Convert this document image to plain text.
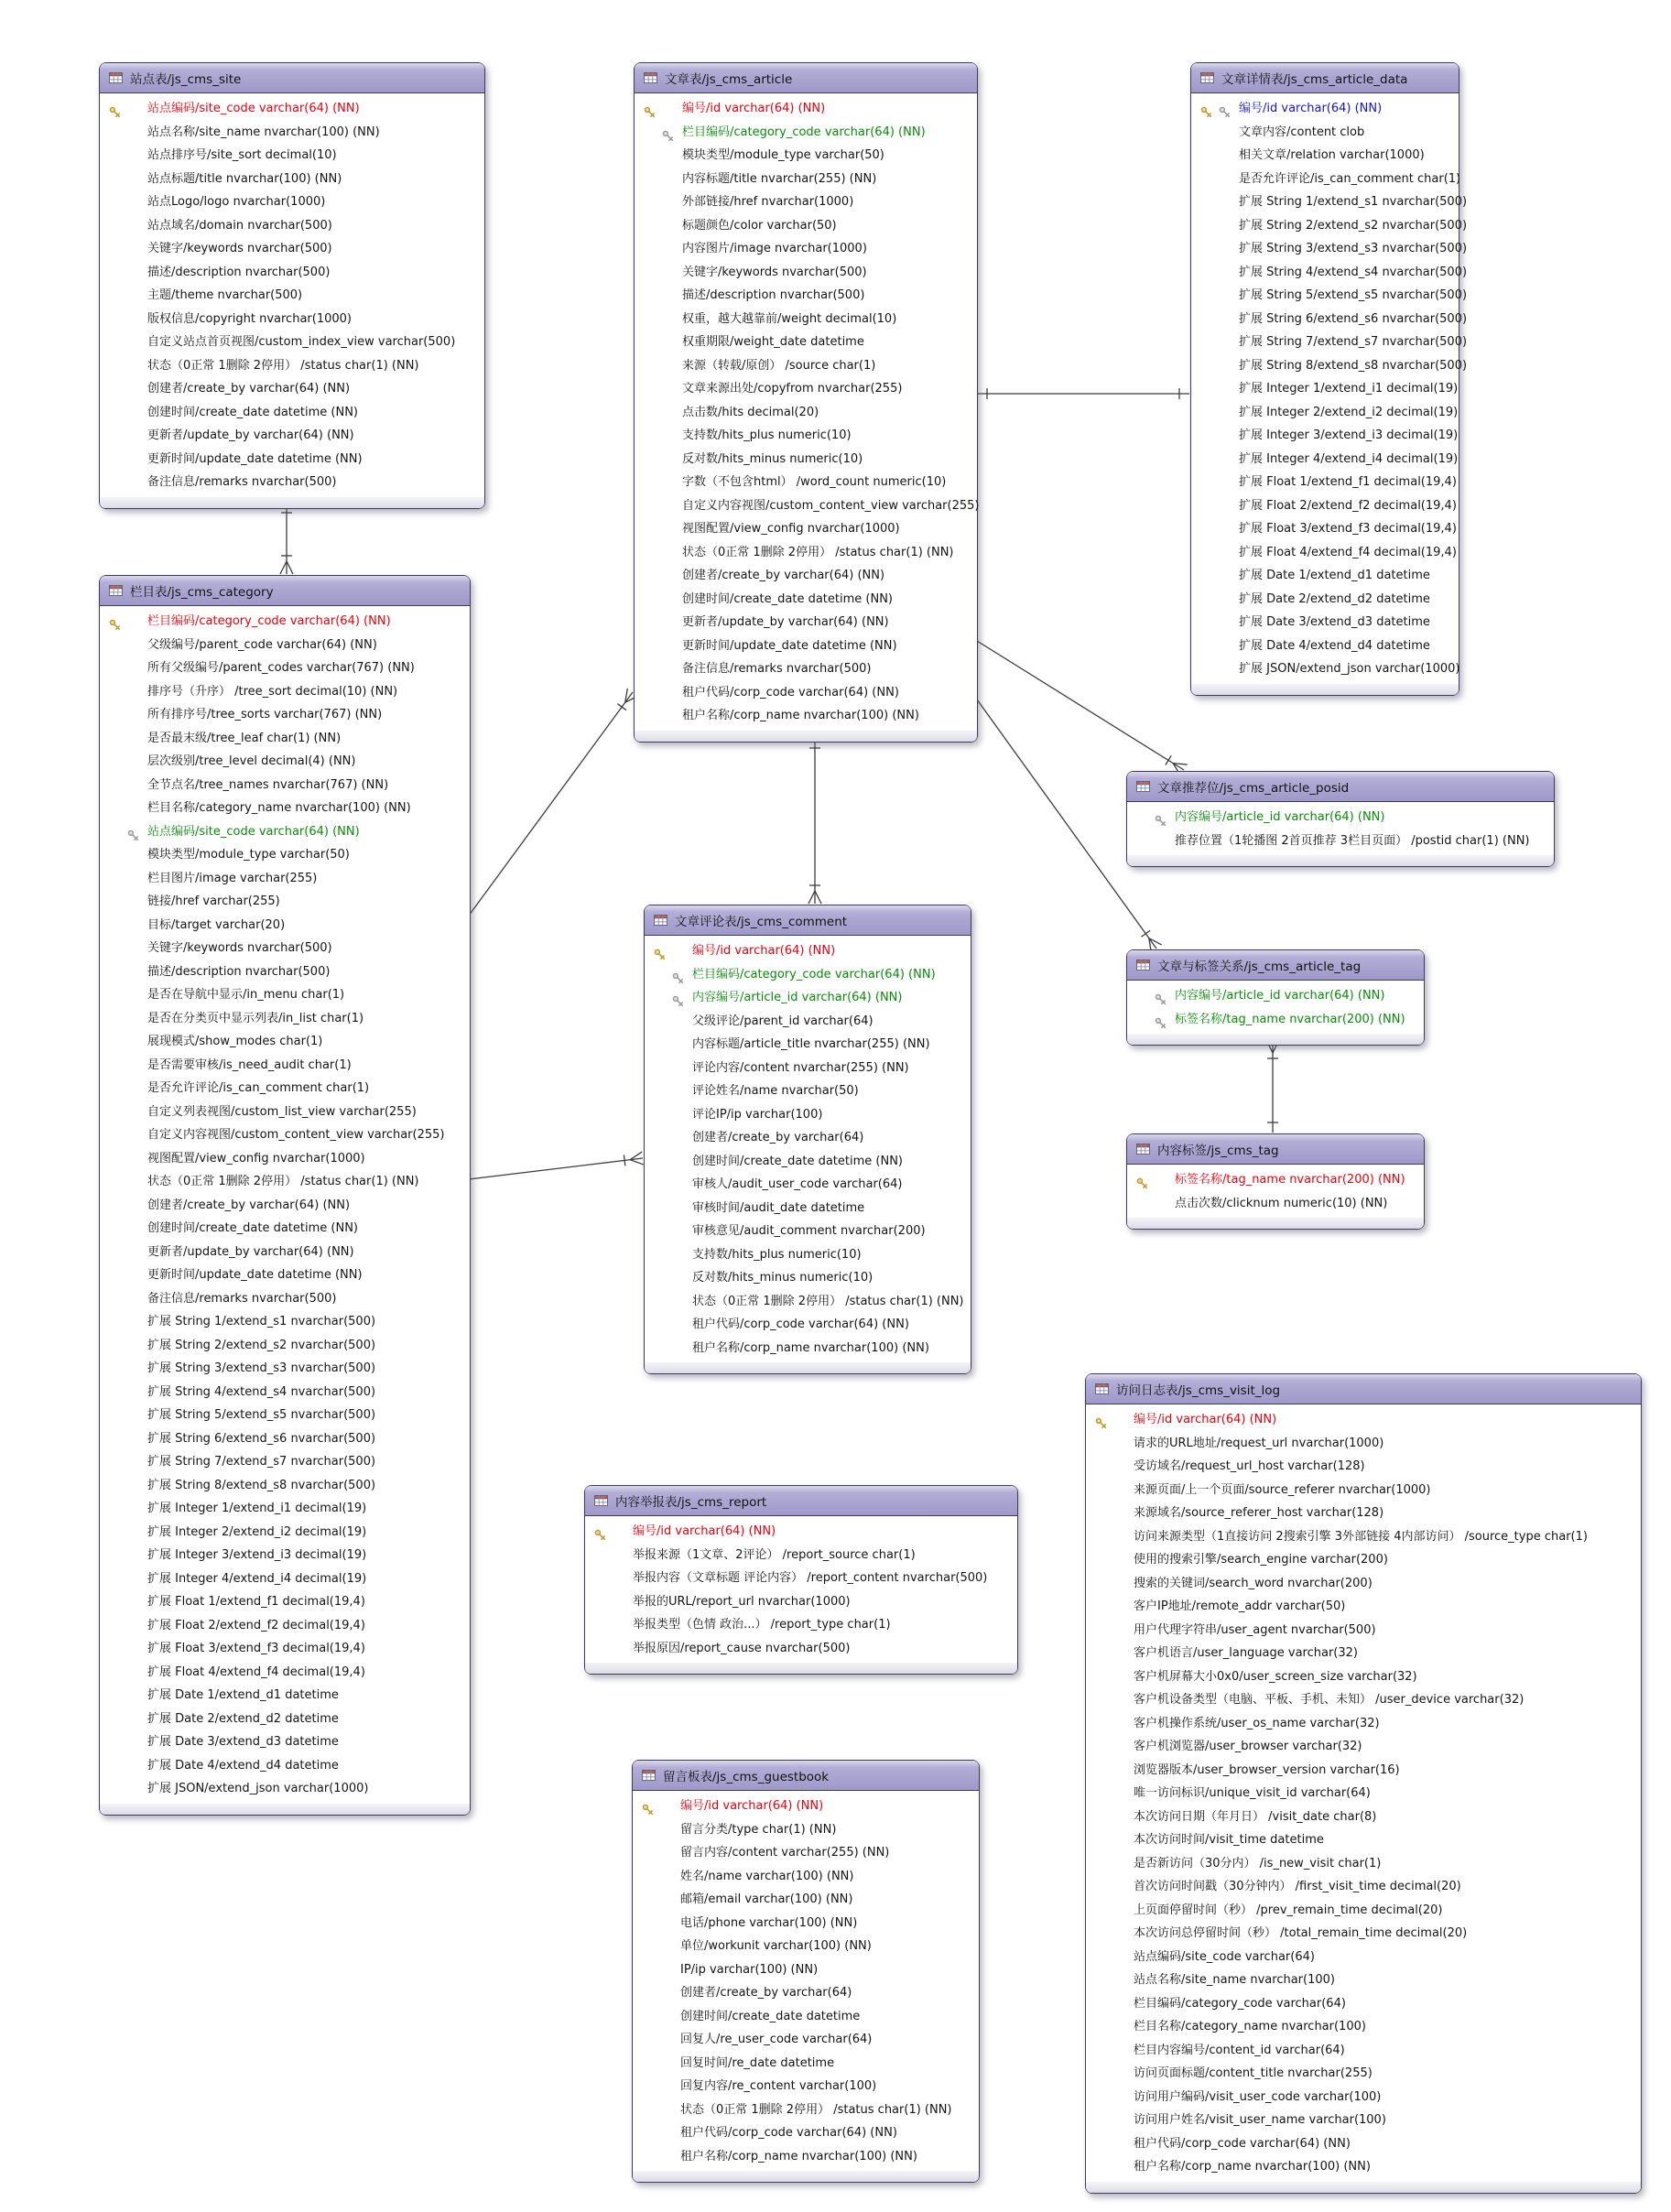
站点表/js_cms_site
站点编码/site_code varchar(64) (NN)
站点名称/site_name nvarchar(100) (NN)
站点排序号/site_sort decimal(10)
站点标题/title nvarchar(100) (NN)
站点Logo/logo nvarchar(1000)
站点域名/domain nvarchar(500)
关键字/keywords nvarchar(500)
描述/description nvarchar(500)
主题/theme nvarchar(500)
版权信息/copyright nvarchar(1000)
自定义站点首页视图/custom_index_view varchar(500)
状态（0正常 1删除 2停用） /status char(1) (NN)
创建者/create_by varchar(64) (NN)
创建时间/create_date datetime (NN)
更新者/update_by varchar(64) (NN)
更新时间/update_date datetime (NN)
备注信息/remarks nvarchar(500)
文章表/js_cms_article
编号/id varchar(64) (NN)
栏目编码/category_code varchar(64) (NN)
模块类型/module_type varchar(50)
内容标题/title nvarchar(255) (NN)
外部链接/href nvarchar(1000)
标题颜色/color varchar(50)
内容图片/image nvarchar(1000)
关键字/keywords nvarchar(500)
描述/description nvarchar(500)
权重，越大越靠前/weight decimal(10)
权重期限/weight_date datetime
来源（转载/原创） /source char(1)
文章来源出处/copyfrom nvarchar(255)
点击数/hits decimal(20)
支持数/hits_plus numeric(10)
反对数/hits_minus numeric(10)
字数（不包含html） /word_count numeric(10)
自定义内容视图/custom_content_view varchar(255)
视图配置/view_config nvarchar(1000)
状态（0正常 1删除 2停用） /status char(1) (NN)
创建者/create_by varchar(64) (NN)
创建时间/create_date datetime (NN)
更新者/update_by varchar(64) (NN)
更新时间/update_date datetime (NN)
备注信息/remarks nvarchar(500)
租户代码/corp_code varchar(64) (NN)
租户名称/corp_name nvarchar(100) (NN)
文章详情表/js_cms_article_data
编号/id varchar(64) (NN)
文章内容/content clob
相关文章/relation varchar(1000)
是否允许评论/is_can_comment char(1)
扩展 String 1/extend_s1 nvarchar(500)
扩展 String 2/extend_s2 nvarchar(500)
扩展 String 3/extend_s3 nvarchar(500)
扩展 String 4/extend_s4 nvarchar(500)
扩展 String 5/extend_s5 nvarchar(500)
扩展 String 6/extend_s6 nvarchar(500)
扩展 String 7/extend_s7 nvarchar(500)
扩展 String 8/extend_s8 nvarchar(500)
扩展 Integer 1/extend_i1 decimal(19)
扩展 Integer 2/extend_i2 decimal(19)
扩展 Integer 3/extend_i3 decimal(19)
扩展 Integer 4/extend_i4 decimal(19)
扩展 Float 1/extend_f1 decimal(19,4)
扩展 Float 2/extend_f2 decimal(19,4)
扩展 Float 3/extend_f3 decimal(19,4)
扩展 Float 4/extend_f4 decimal(19,4)
扩展 Date 1/extend_d1 datetime
扩展 Date 2/extend_d2 datetime
扩展 Date 3/extend_d3 datetime
扩展 Date 4/extend_d4 datetime
扩展 JSON/extend_json varchar(1000)
栏目表/js_cms_category
栏目编码/category_code varchar(64) (NN)
父级编号/parent_code varchar(64) (NN)
所有父级编号/parent_codes varchar(767) (NN)
排序号（升序） /tree_sort decimal(10) (NN)
所有排序号/tree_sorts varchar(767) (NN)
是否最末级/tree_leaf char(1) (NN)
层次级别/tree_level decimal(4) (NN)
全节点名/tree_names nvarchar(767) (NN)
栏目名称/category_name nvarchar(100) (NN)
站点编码/site_code varchar(64) (NN)
模块类型/module_type varchar(50)
栏目图片/image varchar(255)
链接/href varchar(255)
目标/target varchar(20)
关键字/keywords nvarchar(500)
描述/description nvarchar(500)
是否在导航中显示/in_menu char(1)
是否在分类页中显示列表/in_list char(1)
展现模式/show_modes char(1)
是否需要审核/is_need_audit char(1)
是否允许评论/is_can_comment char(1)
自定义列表视图/custom_list_view varchar(255)
自定义内容视图/custom_content_view varchar(255)
视图配置/view_config nvarchar(1000)
状态（0正常 1删除 2停用） /status char(1) (NN)
创建者/create_by varchar(64) (NN)
创建时间/create_date datetime (NN)
更新者/update_by varchar(64) (NN)
更新时间/update_date datetime (NN)
备注信息/remarks nvarchar(500)
扩展 String 1/extend_s1 nvarchar(500)
扩展 String 2/extend_s2 nvarchar(500)
扩展 String 3/extend_s3 nvarchar(500)
扩展 String 4/extend_s4 nvarchar(500)
扩展 String 5/extend_s5 nvarchar(500)
扩展 String 6/extend_s6 nvarchar(500)
扩展 String 7/extend_s7 nvarchar(500)
扩展 String 8/extend_s8 nvarchar(500)
扩展 Integer 1/extend_i1 decimal(19)
扩展 Integer 2/extend_i2 decimal(19)
扩展 Integer 3/extend_i3 decimal(19)
扩展 Integer 4/extend_i4 decimal(19)
扩展 Float 1/extend_f1 decimal(19,4)
扩展 Float 2/extend_f2 decimal(19,4)
扩展 Float 3/extend_f3 decimal(19,4)
扩展 Float 4/extend_f4 decimal(19,4)
扩展 Date 1/extend_d1 datetime
扩展 Date 2/extend_d2 datetime
扩展 Date 3/extend_d3 datetime
扩展 Date 4/extend_d4 datetime
扩展 JSON/extend_json varchar(1000)
文章推荐位/js_cms_article_posid
内容编号/article_id varchar(64) (NN)
推荐位置（1轮播图 2首页推荐 3栏目页面） /postid char(1) (NN)
文章与标签关系/js_cms_article_tag
内容编号/article_id varchar(64) (NN)
标签名称/tag_name nvarchar(200) (NN)
内容标签/js_cms_tag
标签名称/tag_name nvarchar(200) (NN)
点击次数/clicknum numeric(10) (NN)
文章评论表/js_cms_comment
编号/id varchar(64) (NN)
栏目编码/category_code varchar(64) (NN)
内容编号/article_id varchar(64) (NN)
父级评论/parent_id varchar(64)
内容标题/article_title nvarchar(255) (NN)
评论内容/content nvarchar(255) (NN)
评论姓名/name nvarchar(50)
评论IP/ip varchar(100)
创建者/create_by varchar(64)
创建时间/create_date datetime (NN)
审核人/audit_user_code varchar(64)
审核时间/audit_date datetime
审核意见/audit_comment nvarchar(200)
支持数/hits_plus numeric(10)
反对数/hits_minus numeric(10)
状态（0正常 1删除 2停用） /status char(1) (NN)
租户代码/corp_code varchar(64) (NN)
租户名称/corp_name nvarchar(100) (NN)
内容举报表/js_cms_report
编号/id varchar(64) (NN)
举报来源（1文章、2评论） /report_source char(1)
举报内容（文章标题 评论内容） /report_content nvarchar(500)
举报的URL/report_url nvarchar(1000)
举报类型（色情 政治...） /report_type char(1)
举报原因/report_cause nvarchar(500)
留言板表/js_cms_guestbook
编号/id varchar(64) (NN)
留言分类/type char(1) (NN)
留言内容/content varchar(255) (NN)
姓名/name varchar(100) (NN)
邮箱/email varchar(100) (NN)
电话/phone varchar(100) (NN)
单位/workunit varchar(100) (NN)
IP/ip varchar(100) (NN)
创建者/create_by varchar(64)
创建时间/create_date datetime
回复人/re_user_code varchar(64)
回复时间/re_date datetime
回复内容/re_content varchar(100)
状态（0正常 1删除 2停用） /status char(1) (NN)
租户代码/corp_code varchar(64) (NN)
租户名称/corp_name nvarchar(100) (NN)
访问日志表/js_cms_visit_log
编号/id varchar(64) (NN)
请求的URL地址/request_url nvarchar(1000)
受访域名/request_url_host varchar(128)
来源页面/上一个页面/source_referer nvarchar(1000)
来源域名/source_referer_host varchar(128)
访问来源类型（1直接访问 2搜索引擎 3外部链接 4内部访问） /source_type char(1)
使用的搜索引擎/search_engine varchar(200)
搜索的关键词/search_word nvarchar(200)
客户IP地址/remote_addr varchar(50)
用户代理字符串/user_agent nvarchar(500)
客户机语言/user_language varchar(32)
客户机屏幕大小0x0/user_screen_size varchar(32)
客户机设备类型（电脑、平板、手机、未知） /user_device varchar(32)
客户机操作系统/user_os_name varchar(32)
客户机浏览器/user_browser varchar(32)
浏览器版本/user_browser_version varchar(16)
唯一访问标识/unique_visit_id varchar(64)
本次访问日期（年月日） /visit_date char(8)
本次访问时间/visit_time datetime
是否新访问（30分内） /is_new_visit char(1)
首次访问时间戳（30分钟内） /first_visit_time decimal(20)
上页面停留时间（秒） /prev_remain_time decimal(20)
本次访问总停留时间（秒） /total_remain_time decimal(20)
站点编码/site_code varchar(64)
站点名称/site_name nvarchar(100)
栏目编码/category_code varchar(64)
栏目名称/category_name nvarchar(100)
栏目内容编号/content_id varchar(64)
访问页面标题/content_title nvarchar(255)
访问用户编码/visit_user_code varchar(100)
访问用户姓名/visit_user_name varchar(100)
租户代码/corp_code varchar(64) (NN)
租户名称/corp_name nvarchar(100) (NN)
